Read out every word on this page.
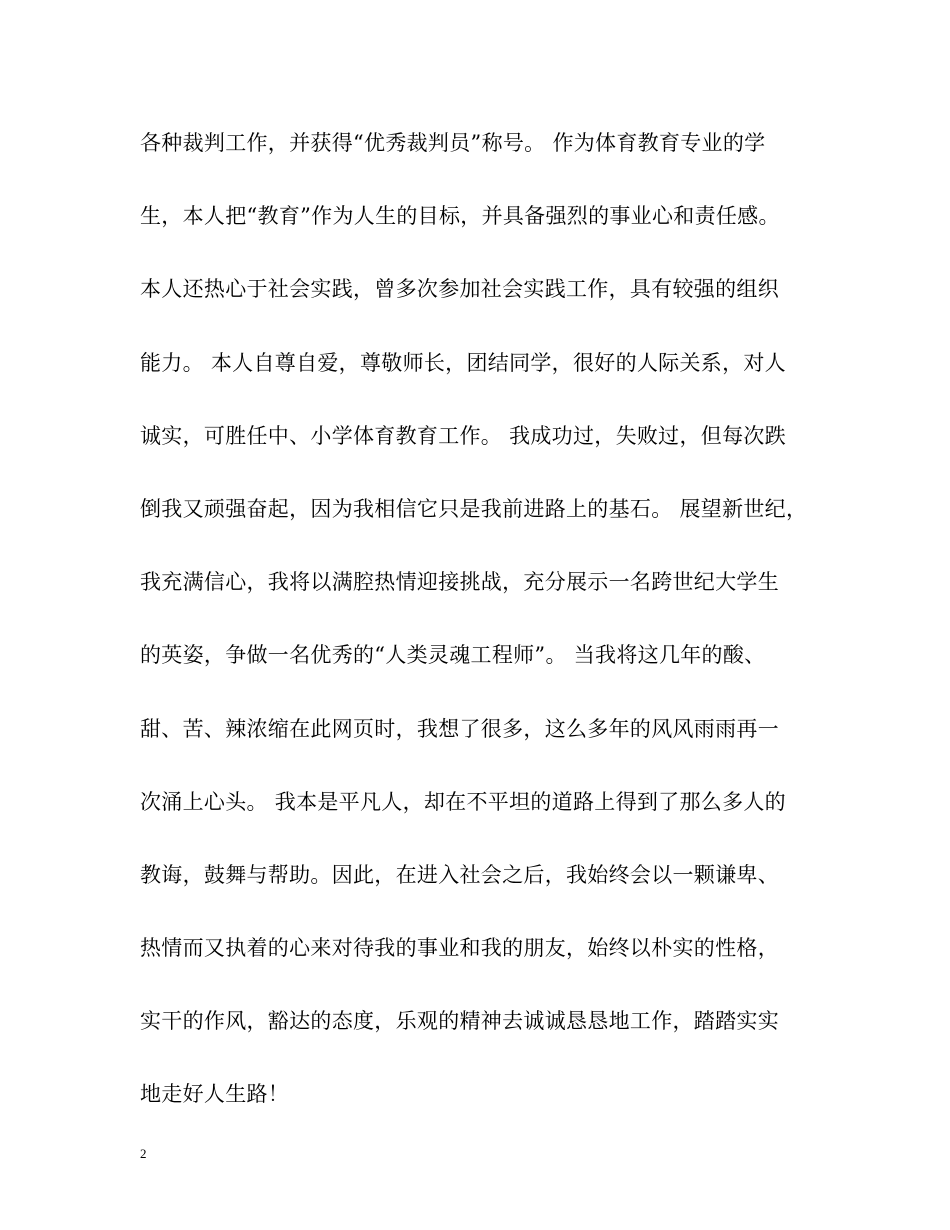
各种裁判工作，并获得“优秀裁判员”称号。 作为体育教育专业的学
生，本人把“教育”作为人生的目标，并具备强烈的事业心和责任感。
本人还热心于社会实践，曾多次参加社会实践工作，具有较强的组织
能力。 本人自尊自爱，尊敬师长，团结同学，很好的人际关系，对人
诚实，可胜任中、小学体育教育工作。 我成功过，失败过，但每次跌
倒我又顽强奋起，因为我相信它只是我前进路上的基石。 展望新世纪，
我充满信心，我将以满腔热情迎接挑战，充分展示一名跨世纪大学生
的英姿，争做一名优秀的“人类灵魂工程师”。 当我将这几年的酸、
甜、苦、辣浓缩在此网页时，我想了很多，这么多年的风风雨雨再一
次涌上心头。 我本是平凡人，却在不平坦的道路上得到了那么多人的
教诲，鼓舞与帮助。因此，在进入社会之后，我始终会以一颗谦卑、
热情而又执着的心来对待我的事业和我的朋友，始终以朴实的性格，
实干的作风，豁达的态度，乐观的精神去诚诚恳恳地工作，踏踏实实
地走好人生路！
2
